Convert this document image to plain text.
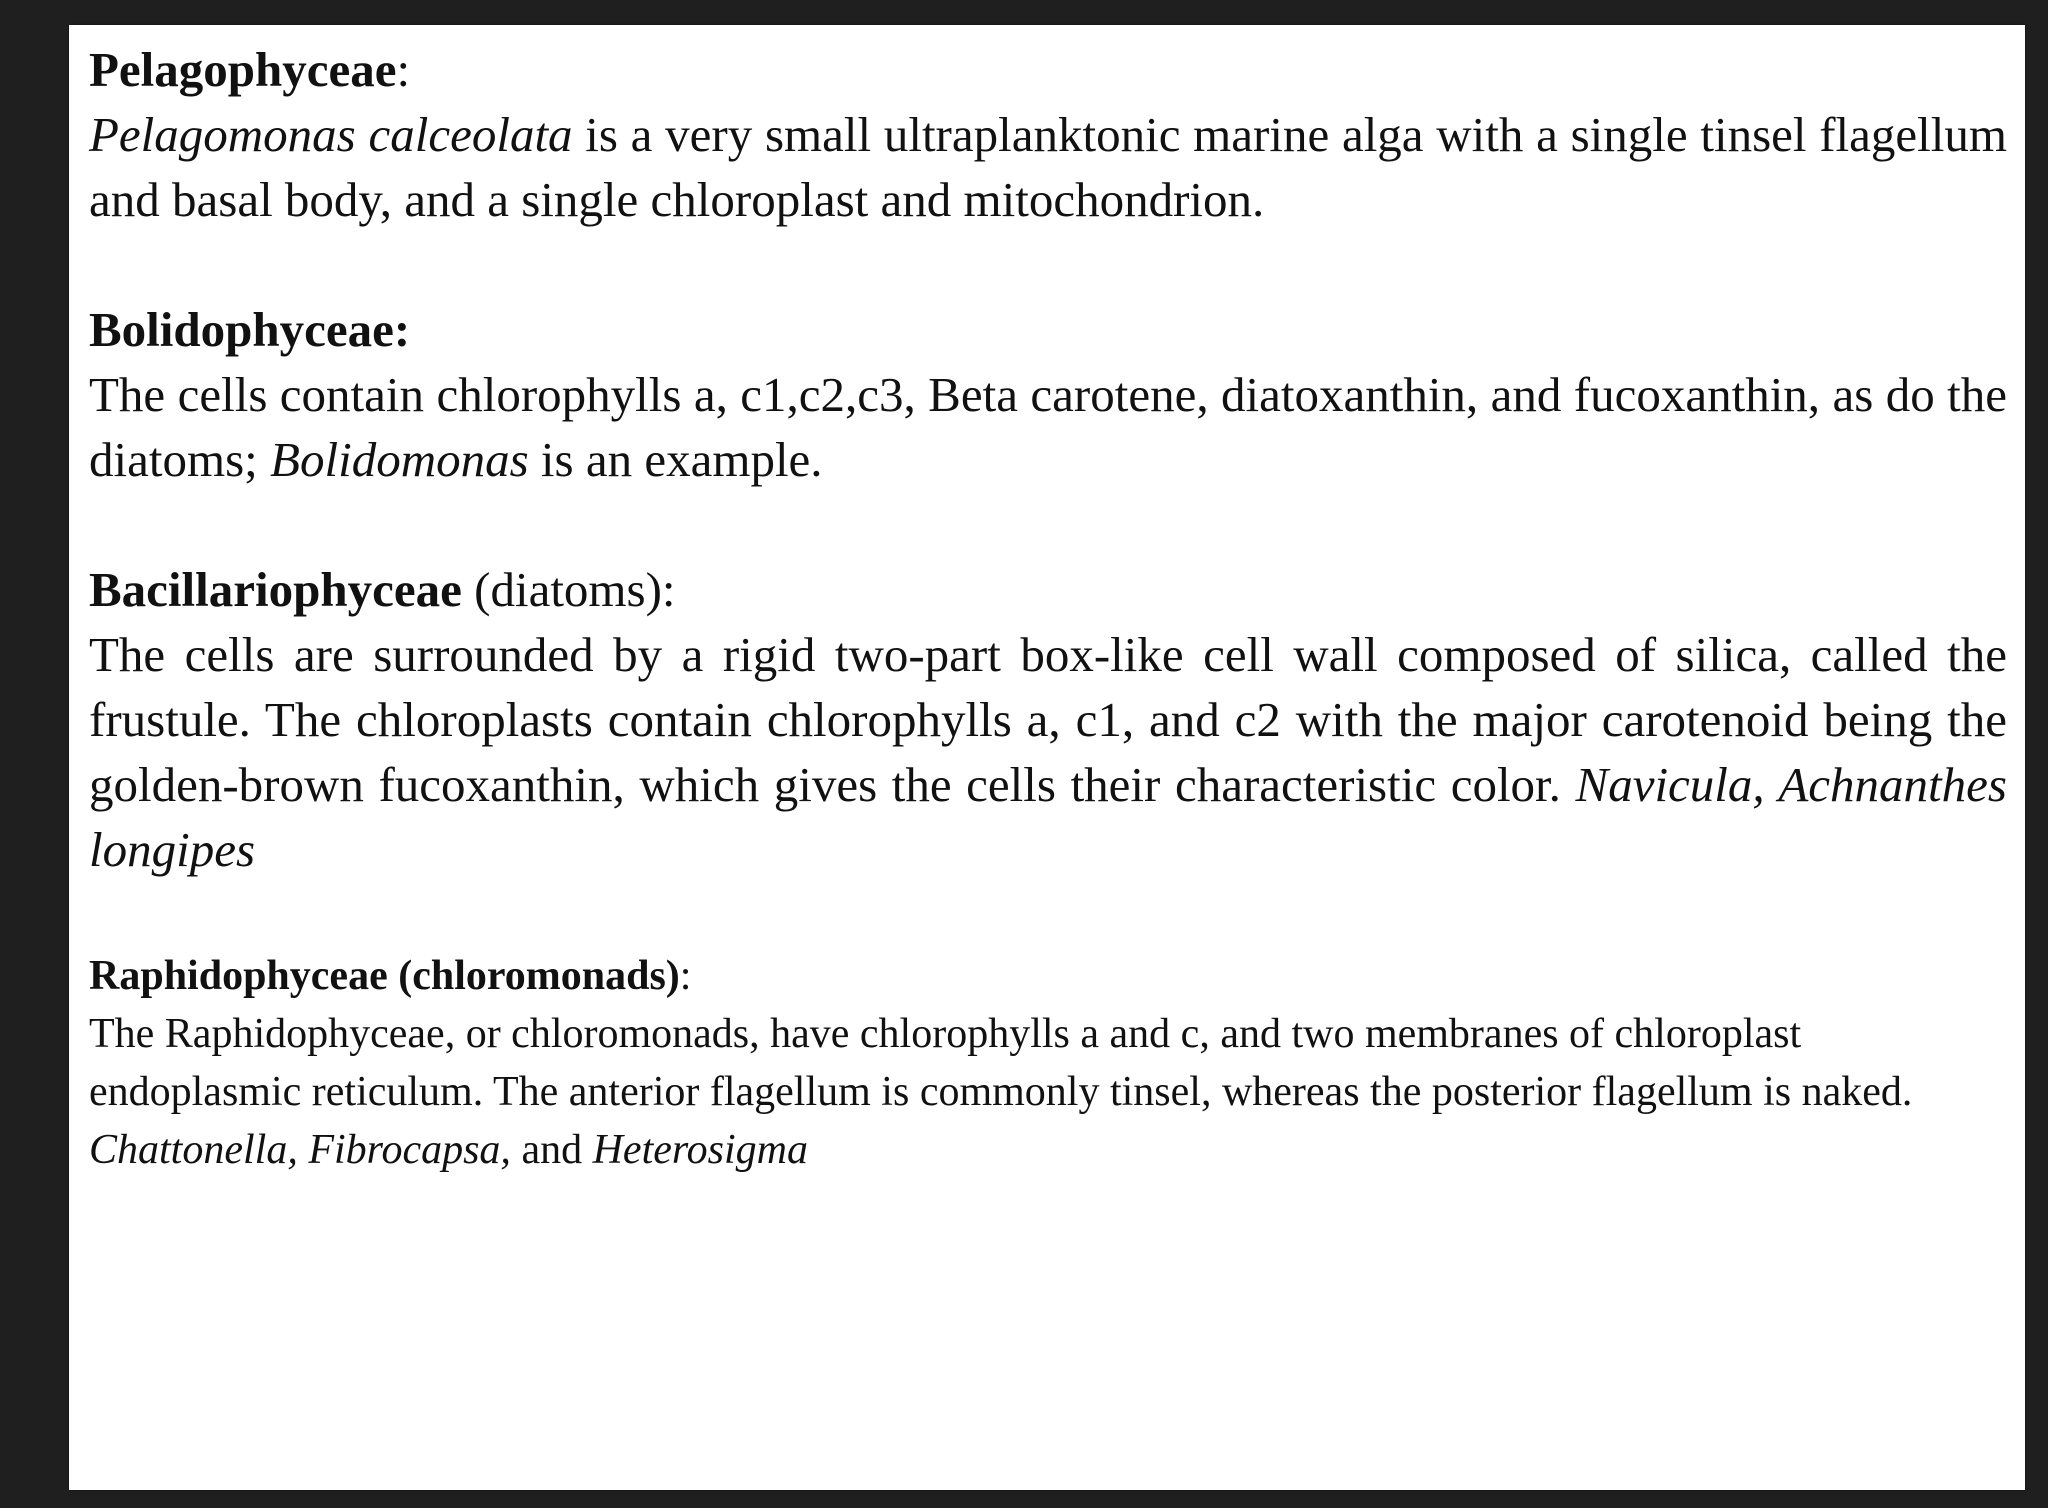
Pelagophyceae:

Pelagomonas calceolata is a very small ultraplanktonic marine alga with a single tinsel flagellum and basal body, and a single chloroplast and mitochondrion.

Bolidophyceae:

The cells contain chlorophylls a, c1,c2,c3, Beta carotene, diatoxanthin, and fucoxanthin, as do the diatoms; Bolidomonas is an example.

Bacillariophyceae (diatoms):

The cells are surrounded by a rigid two-part box-like cell wall composed of silica, called the frustule. The chloroplasts contain chlorophylls a, c1, and c2 with the major carotenoid being the golden-brown fucoxanthin, which gives the cells their characteristic color. Navicula, Achnanthes longipes

Raphidophyceae (chloromonads):

The Raphidophyceae, or chloromonads, have chlorophylls a and c, and two membranes of chloroplast endoplasmic reticulum. The anterior flagellum is commonly tinsel, whereas the posterior flagellum is naked. Chattonella, Fibrocapsa, and Heterosigma
